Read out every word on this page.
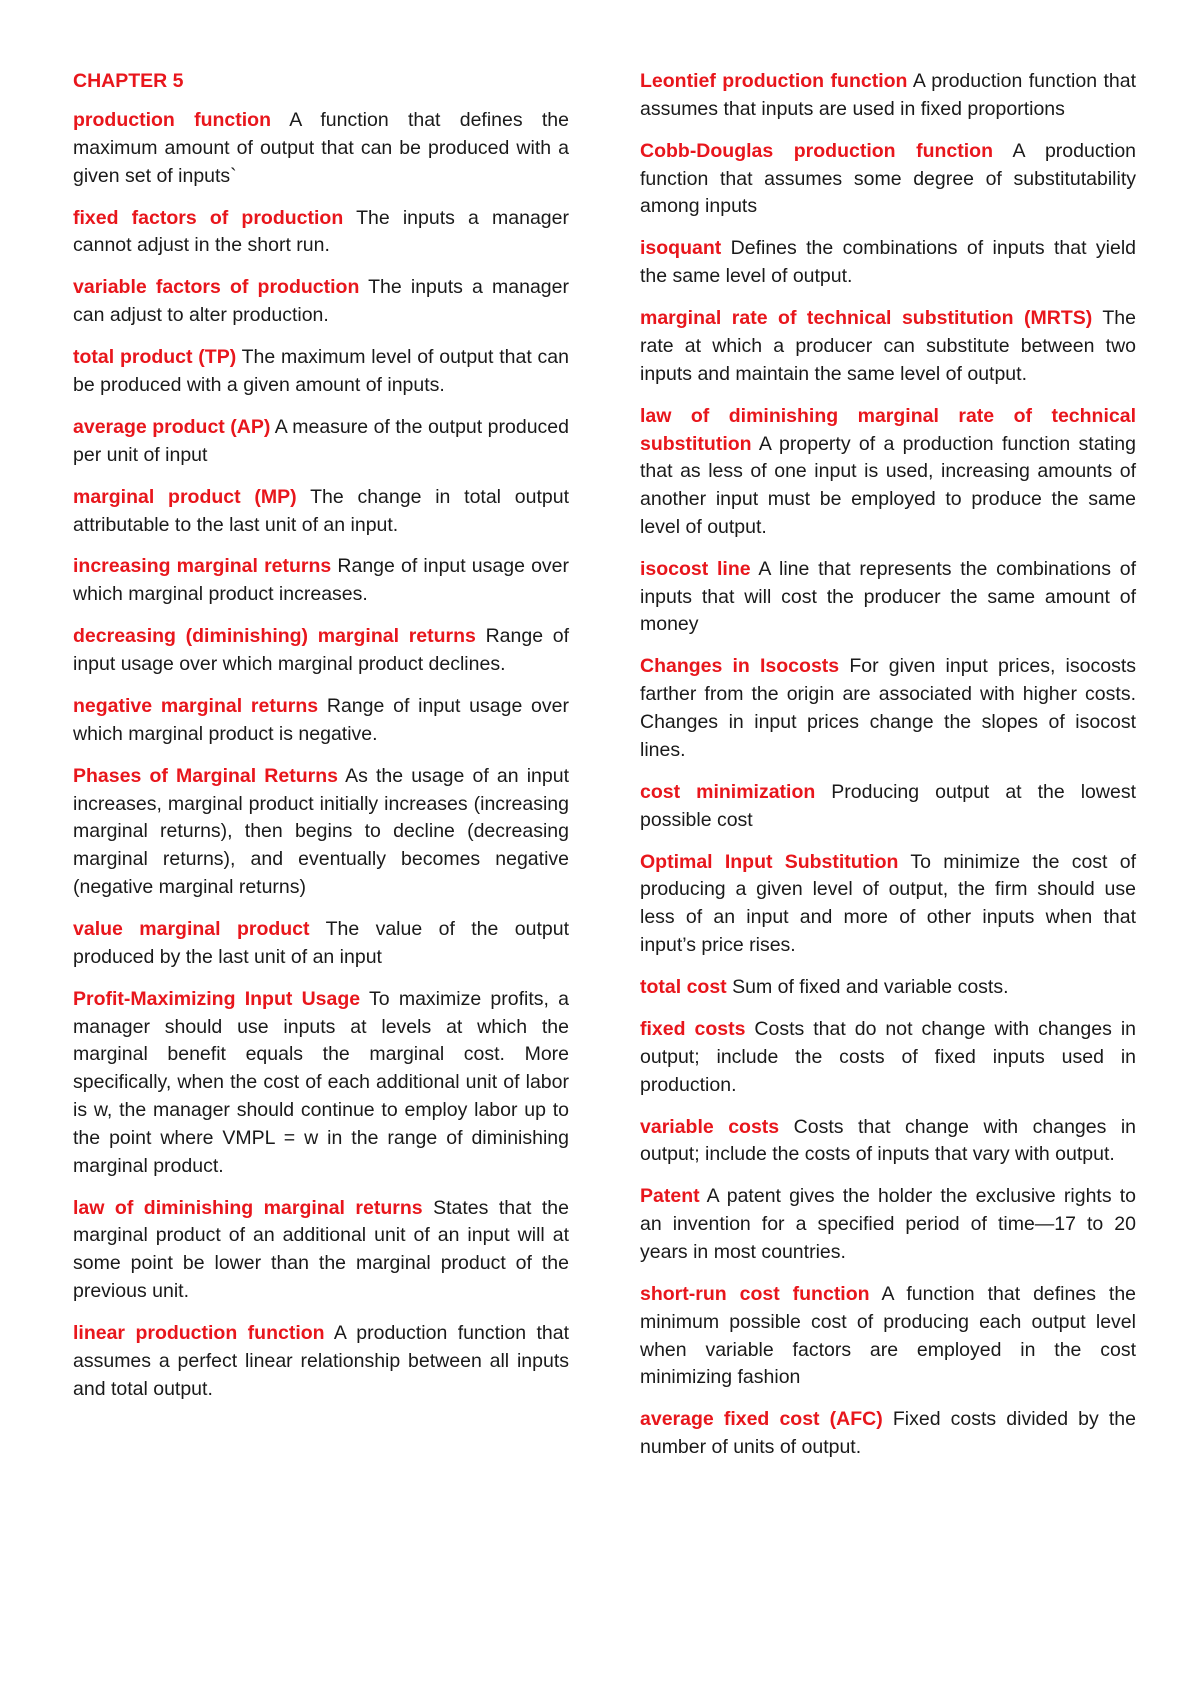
CHAPTER 5

production function A function that defines the maximum amount of output that can be produced with a given set of inputs`

fixed factors of production The inputs a manager cannot adjust in the short run.

variable factors of production The inputs a manager can adjust to alter production.

total product (TP) The maximum level of output that can be produced with a given amount of inputs.

average product (AP) A measure of the output produced per unit of input

marginal product (MP) The change in total output attributable to the last unit of an input.

increasing marginal returns Range of input usage over which marginal product increases.

decreasing (diminishing) marginal returns Range of input usage over which marginal product declines.

negative marginal returns Range of input usage over which marginal product is negative.

Phases of Marginal Returns As the usage of an input increases, marginal product initially increases (increasing marginal returns), then begins to decline (decreasing marginal returns), and eventually becomes negative (negative marginal returns)

value marginal product The value of the output produced by the last unit of an input

Profit-Maximizing Input Usage To maximize profits, a manager should use inputs at levels at which the marginal benefit equals the marginal cost. More specifically, when the cost of each additional unit of labor is w, the manager should continue to employ labor up to the point where VMPL = w in the range of diminishing marginal product.

law of diminishing marginal returns States that the marginal product of an additional unit of an input will at some point be lower than the marginal product of the previous unit.

linear production function A production function that assumes a perfect linear relationship between all inputs and total output.

Leontief production function A production function that assumes that inputs are used in fixed proportions

Cobb-Douglas production function A production function that assumes some degree of substitutability among inputs

isoquant Defines the combinations of inputs that yield the same level of output.

marginal rate of technical substitution (MRTS) The rate at which a producer can substitute between two inputs and maintain the same level of output.

law of diminishing marginal rate of technical substitution A property of a production function stating that as less of one input is used, increasing amounts of another input must be employed to produce the same level of output.

isocost line A line that represents the combinations of inputs that will cost the producer the same amount of money

Changes in Isocosts For given input prices, isocosts farther from the origin are associated with higher costs. Changes in input prices change the slopes of isocost lines.

cost minimization Producing output at the lowest possible cost

Optimal Input Substitution To minimize the cost of producing a given level of output, the firm should use less of an input and more of other inputs when that input’s price rises.

total cost Sum of fixed and variable costs.

fixed costs Costs that do not change with changes in output; include the costs of fixed inputs used in production.

variable costs Costs that change with changes in output; include the costs of inputs that vary with output.

Patent A patent gives the holder the exclusive rights to an invention for a specified period of time—17 to 20 years in most countries.

short-run cost function A function that defines the minimum possible cost of producing each output level when variable factors are employed in the cost minimizing fashion

average fixed cost (AFC) Fixed costs divided by the number of units of output.
